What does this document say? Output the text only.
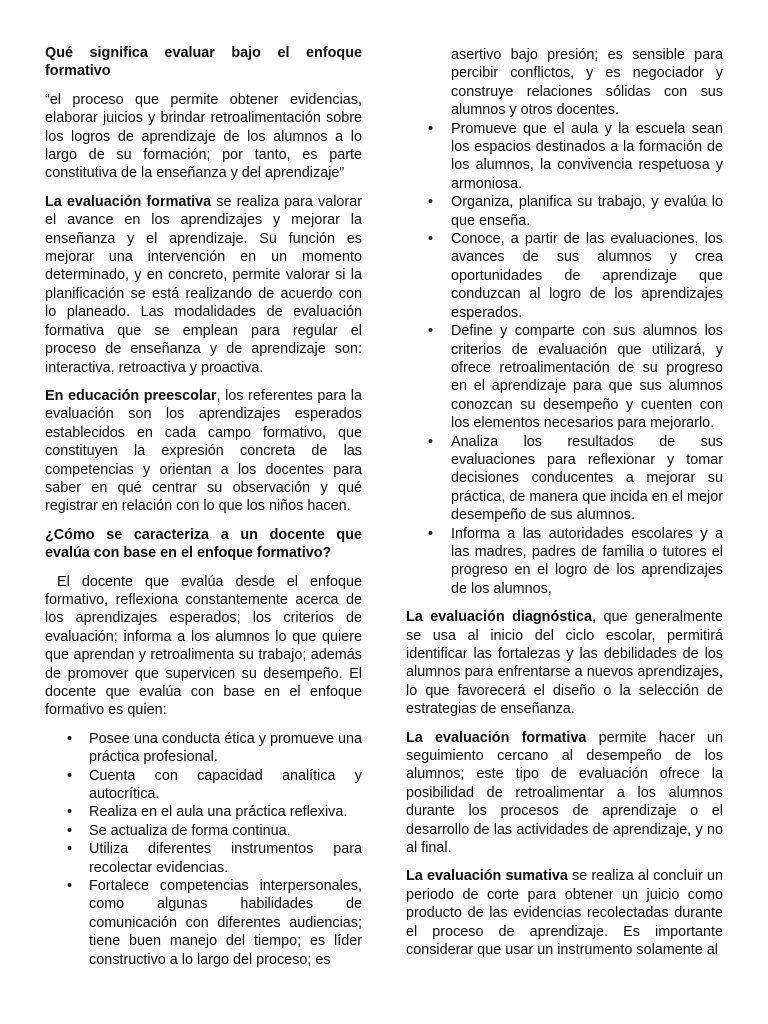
Qué significa evaluar bajo el enfoque formativo

“el proceso que permite obtener evidencias, elaborar juicios y brindar retroalimentación sobre los logros de aprendizaje de los alumnos a lo largo de su formación; por tanto, es parte constitutiva de la enseñanza y del aprendizaje”

La evaluación formativa se realiza para valorar el avance en los aprendizajes y mejorar la enseñanza y el aprendizaje. Su función es mejorar una intervención en un momento determinado, y en concreto, permite valorar si la planificación se está realizando de acuerdo con lo planeado. Las modalidades de evaluación formativa que se emplean para regular el proceso de enseñanza y de aprendizaje son: interactiva, retroactiva y proactiva.

En educación preescolar, los referentes para la evaluación son los aprendizajes esperados establecidos en cada campo formativo, que constituyen la expresión concreta de las competencias y orientan a los docentes para saber en qué centrar su observación y qué registrar en relación con lo que los niños hacen.

¿Cómo se caracteriza a un docente que evalúa con base en el enfoque formativo?

El docente que evalúa desde el enfoque formativo, reflexiona constantemente acerca de los aprendizajes esperados; los criterios de evaluación; informa a los alumnos lo que quiere que aprendan y retroalimenta su trabajo; además de promover que supervicen su desempeño. El docente que evalúa con base en el enfoque formativo es quien:

• Posee una conducta ética y promueve una práctica profesional.
• Cuenta con capacidad analítica y autocrítica.
• Realiza en el aula una práctica reflexiva.
• Se actualiza de forma continua.
• Utiliza diferentes instrumentos para recolectar evidencias.
• Fortalece competencias interpersonales, como algunas habilidades de comunicación con diferentes audiencias; tiene buen manejo del tiempo; es líder constructivo a lo largo del proceso; es
asertivo bajo presión; es sensible para percibir conflictos, y es negociador y construye relaciones sólidas con sus alumnos y otros docentes.
• Promueve que el aula y la escuela sean los espacios destinados a la formación de los alumnos, la convivencia respetuosa y armoniosa.
• Organiza, planifica su trabajo, y evalúa lo que enseña.
• Conoce, a partir de las evaluaciones, los avances de sus alumnos y crea oportunidades de aprendizaje que conduzcan al logro de los aprendizajes esperados.
• Define y comparte con sus alumnos los criterios de evaluación que utilizará, y ofrece retroalimentación de su progreso en el aprendizaje para que sus alumnos conozcan su desempeño y cuenten con los elementos necesarios para mejorarlo.
• Analiza los resultados de sus evaluaciones para reflexionar y tomar decisiones conducentes a mejorar su práctica, de manera que incida en el mejor desempeño de sus alumnos.
• Informa a las autoridades escolares y a las madres, padres de familia o tutores el progreso en el logro de los aprendizajes de los alumnos,

La evaluación diagnóstica, que generalmente se usa al inicio del ciclo escolar, permitirá identificar las fortalezas y las debilidades de los alumnos para enfrentarse a nuevos aprendizajes, lo que favorecerá el diseño o la selección de estrategias de enseñanza.

La evaluación formativa permite hacer un seguimiento cercano al desempeño de los alumnos; este tipo de evaluación ofrece la posibilidad de retroalimentar a los alumnos durante los procesos de aprendizaje o el desarrollo de las actividades de aprendizaje, y no al final.

La evaluación sumativa se realiza al concluir un periodo de corte para obtener un juicio como producto de las evidencias recolectadas durante el proceso de aprendizaje. Es importante considerar que usar un instrumento solamente al
